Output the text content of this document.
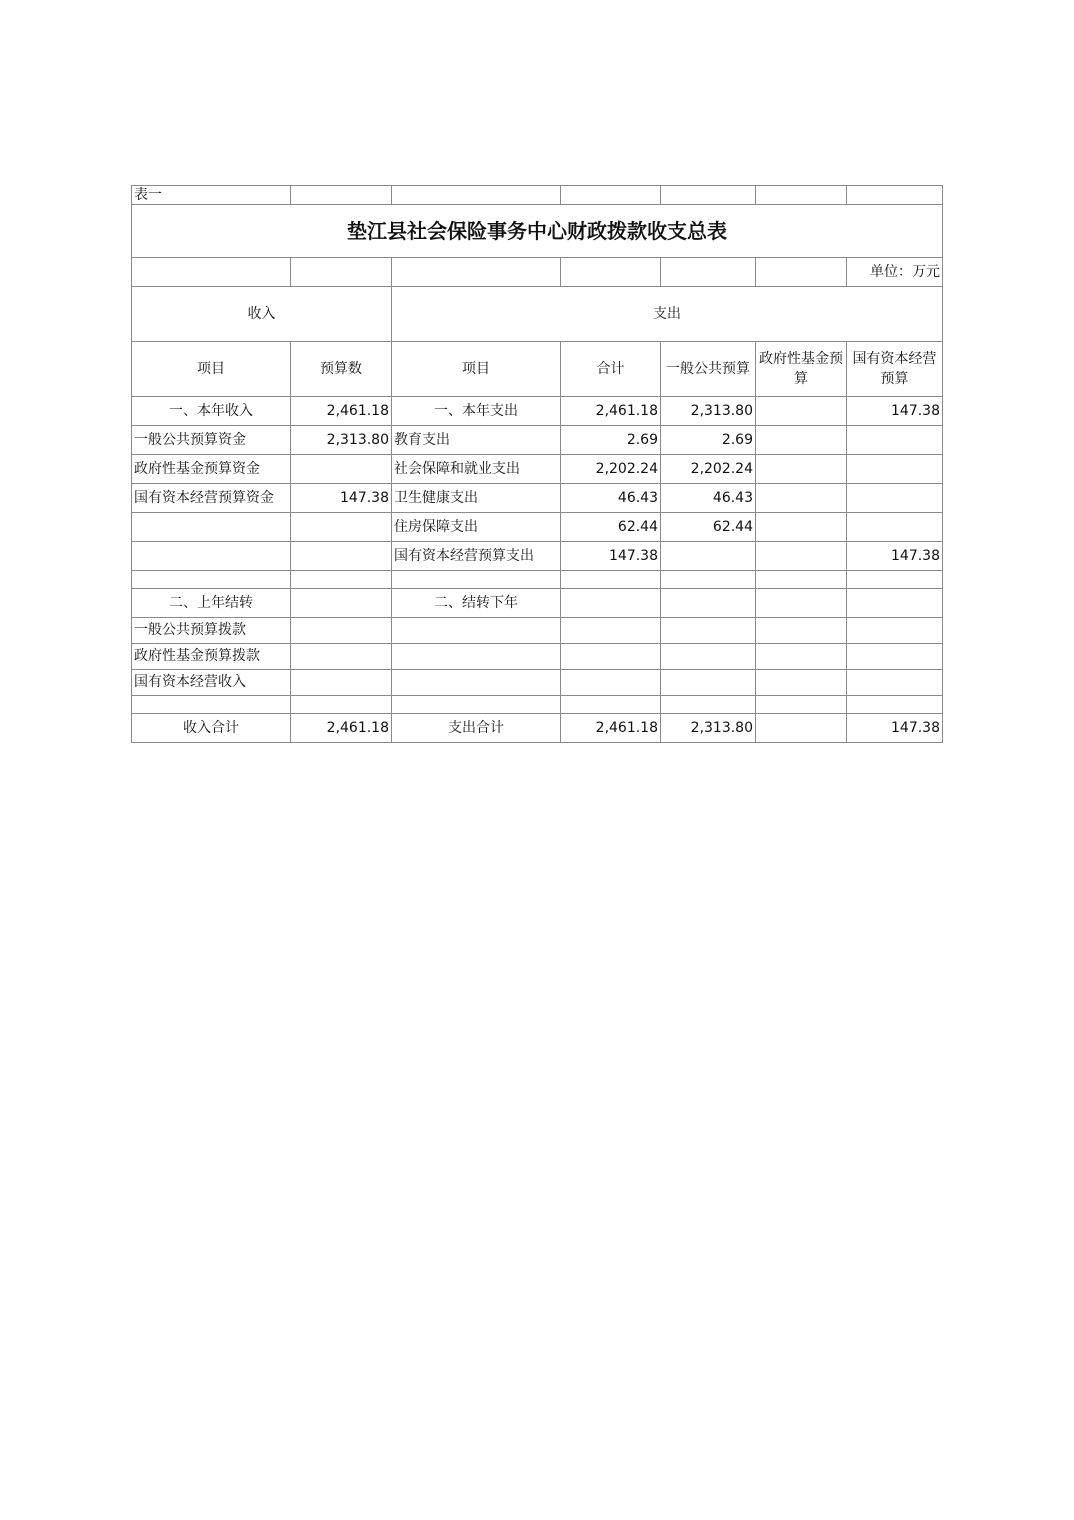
表一						
垫江县社会保险事务中心财政拨款收支总表						
						单位：万元
收入		支出				
项目	预算数	项目	合计	一般公共预算	政府性基金预算	国有资本经营预算
一、本年收入	2,461.18	一、本年支出	2,461.18	2,313.80		147.38
一般公共预算资金	2,313.80	教育支出	2.69	2.69		
政府性基金预算资金		社会保障和就业支出	2,202.24	2,202.24		
国有资本经营预算资金	147.38	卫生健康支出	46.43	46.43		
		住房保障支出	62.44	62.44		
		国有资本经营预算支出	147.38			147.38

二、上年结转		二、结转下年				
一般公共预算拨款						
政府性基金预算拨款						
国有资本经营收入						

收入合计	2,461.18	支出合计	2,461.18	2,313.80		147.38
